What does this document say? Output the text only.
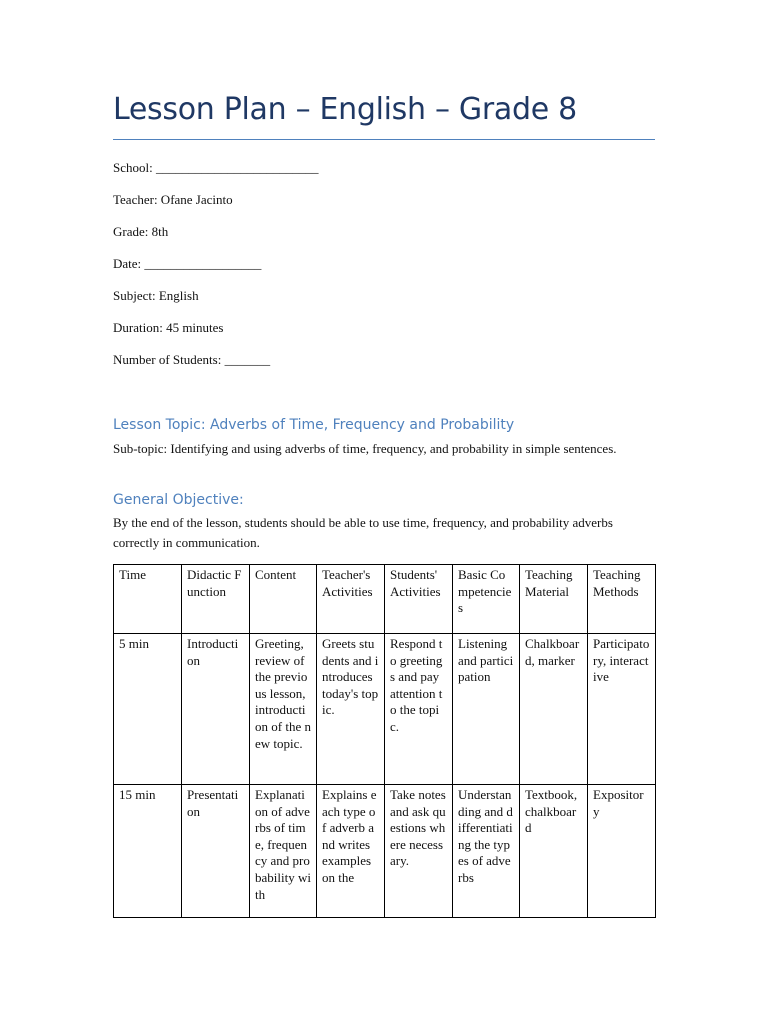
Lesson Plan – English – Grade 8

School: _________________________

Teacher: Ofane Jacinto

Grade: 8th

Date: __________________

Subject: English

Duration: 45 minutes

Number of Students: _______

Lesson Topic: Adverbs of Time, Frequency and Probability

Sub-topic: Identifying and using adverbs of time, frequency, and probability in simple sentences.

General Objective:

By the end of the lesson, students should be able to use time, frequency, and probability adverbs correctly in communication.

Time	Didactic Function	Content	Teacher's Activities	Students' Activities	Basic Competencies	Teaching Material	Teaching Methods
5 min	Introduction	Greeting, review of the previous lesson, introduction of the new topic.	Greets students and introduces today's topic.	Respond to greetings and pay attention to the topic.	Listening and participation	Chalkboard, marker	Participatory, interactive
15 min	Presentation	Explanation of adverbs of time, frequency and probability with	Explains each type of adverb and writes examples on the	Take notes and ask questions where necessary.	Understanding and differentiating the types of adverbs	Textbook, chalkboard	Expository
